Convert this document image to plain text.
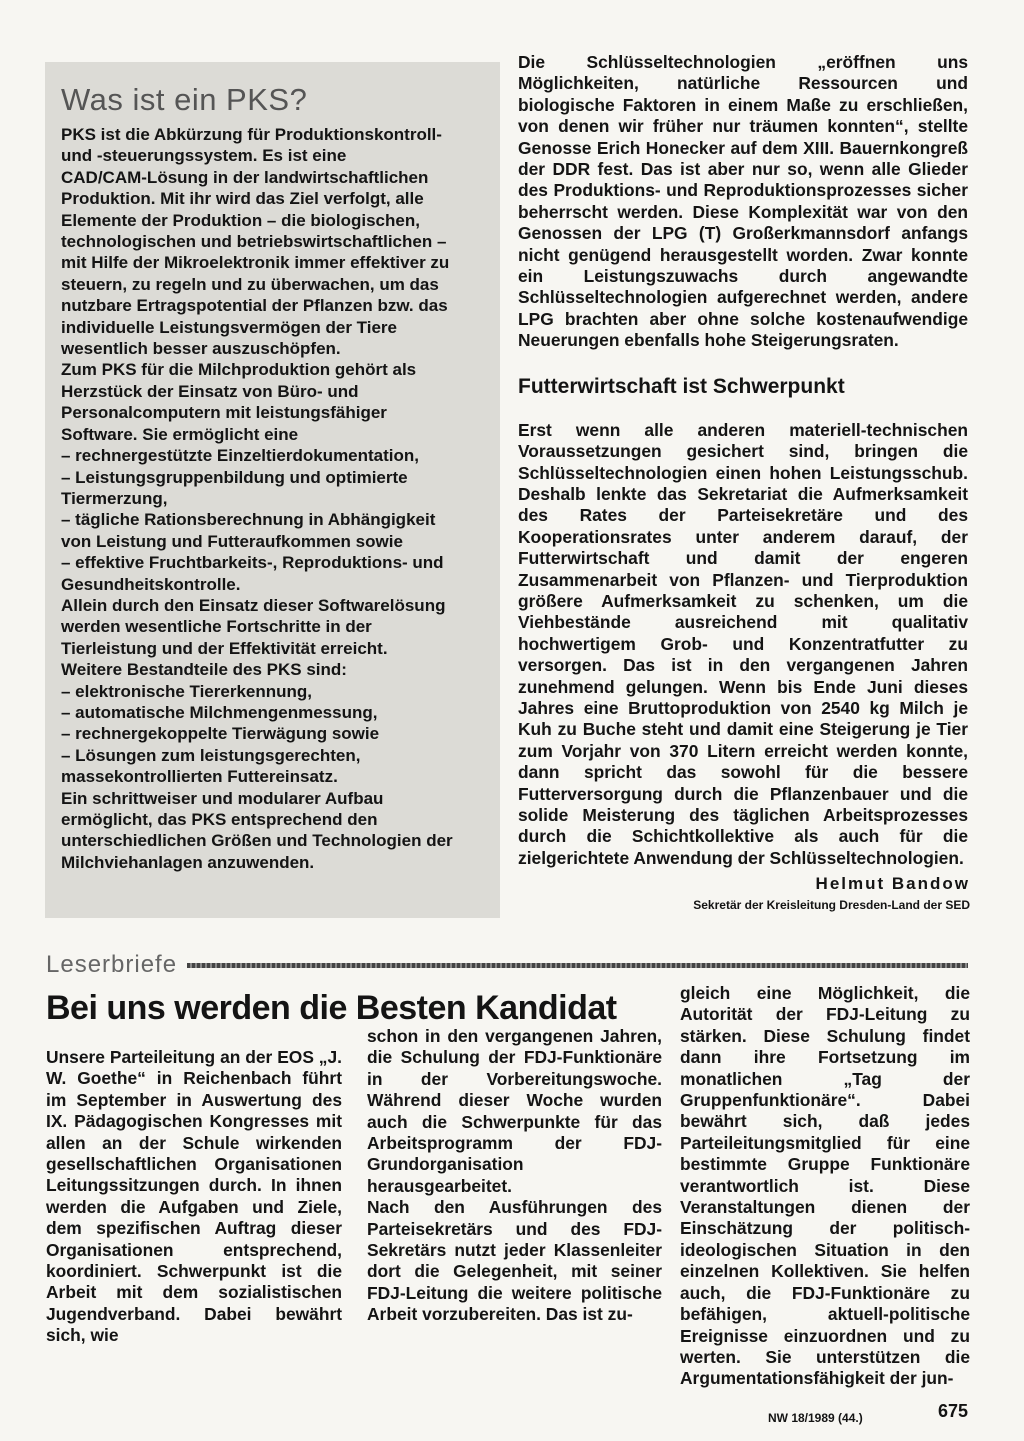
Was ist ein PKS?

PKS ist die Abkürzung für Produktionskontroll-

und -steuerungssystem. Es ist eine

CAD/CAM-Lösung in der landwirtschaftlichen

Produktion. Mit ihr wird das Ziel verfolgt, alle

Elemente der Produktion – die biologischen,

technologischen und betriebswirtschaftlichen –

mit Hilfe der Mikroelektronik immer effektiver zu

steuern, zu regeln und zu überwachen, um das

nutzbare Ertragspotential der Pflanzen bzw. das

individuelle Leistungsvermögen der Tiere

wesentlich besser auszuschöpfen.

Zum PKS für die Milchproduktion gehört als

Herzstück der Einsatz von Büro- und

Personalcomputern mit leistungsfähiger

Software. Sie ermöglicht eine

– rechnergestützte Einzeltierdokumentation,

– Leistungsgruppenbildung und optimierte

Tiermerzung,

– tägliche Rationsberechnung in Abhängigkeit

von Leistung und Futteraufkommen sowie

– effektive Fruchtbarkeits-, Reproduktions- und

Gesundheitskontrolle.

Allein durch den Einsatz dieser Softwarelösung

werden wesentliche Fortschritte in der

Tierleistung und der Effektivität erreicht.

Weitere Bestandteile des PKS sind:

– elektronische Tiererkennung,

– automatische Milchmengenmessung,

– rechnergekoppelte Tierwägung sowie

– Lösungen zum leistungsgerechten,

massekontrollierten Futtereinsatz.

Ein schrittweiser und modularer Aufbau

ermöglicht, das PKS entsprechend den

unterschiedlichen Größen und Technologien der

Milchviehanlagen anzuwenden.

Die Schlüsseltechnologien „eröffnen uns Möglichkeiten, natürliche Ressourcen und biologische Faktoren in einem Maße zu erschließen, von denen wir früher nur träumen konnten“, stellte Genosse Erich Honecker auf dem XIII. Bauernkongreß der DDR fest. Das ist aber nur so, wenn alle Glieder des Produktions- und Reproduktionsprozesses sicher beherrscht werden. Diese Komplexität war von den Genossen der LPG (T) Großerkmannsdorf anfangs nicht genügend herausgestellt worden. Zwar konnte ein Leistungszuwachs durch angewandte Schlüsseltechnologien aufgerechnet werden, andere LPG brachten aber ohne solche kostenaufwendige Neuerungen ebenfalls hohe Steigerungsraten.

Futterwirtschaft ist Schwerpunkt

Erst wenn alle anderen materiell-technischen Voraussetzungen gesichert sind, bringen die Schlüsseltechnologien einen hohen Leistungsschub. Deshalb lenkte das Sekretariat die Aufmerksamkeit des Rates der Parteisekretäre und des Kooperationsrates unter anderem darauf, der Futterwirtschaft und damit der engeren Zusammenarbeit von Pflanzen- und Tierproduktion größere Aufmerksamkeit zu schenken, um die Viehbestände ausreichend mit qualitativ hochwertigem Grob- und Konzentratfutter zu versorgen. Das ist in den vergangenen Jahren zunehmend gelungen. Wenn bis Ende Juni dieses Jahres eine Bruttoproduktion von 2540 kg Milch je Kuh zu Buche steht und damit eine Steigerung je Tier zum Vorjahr von 370 Litern erreicht werden konnte, dann spricht das sowohl für die bessere Futterversorgung durch die Pflanzenbauer und die solide Meisterung des täglichen Arbeitsprozesses durch die Schichtkollektive als auch für die zielgerichtete Anwendung der Schlüsseltechnologien.

Helmut Bandow
Sekretär der Kreisleitung Dresden-Land der SED
Leserbriefe
Bei uns werden die Besten Kandidat

Unsere Parteileitung an der EOS „J. W. Goethe“ in Reichenbach führt im September in Auswertung des IX. Pädagogischen Kongresses mit allen an der Schule wirkenden gesellschaftlichen Organisationen Leitungssitzungen durch. In ihnen werden die Aufgaben und Ziele, dem spezifischen Auftrag dieser Organisationen entsprechend, koordiniert. Schwerpunkt ist die Arbeit mit dem sozialistischen Jugendverband. Dabei bewährt sich, wie

schon in den vergangenen Jahren, die Schulung der FDJ-Funktionäre in der Vorbereitungswoche. Während dieser Woche wurden auch die Schwerpunkte für das Arbeitsprogramm der FDJ-Grundorganisation herausgearbeitet.

Nach den Ausführungen des Parteisekretärs und des FDJ-Sekretärs nutzt jeder Klassenleiter dort die Gelegenheit, mit seiner FDJ-Leitung die weitere politische Arbeit vorzubereiten. Das ist zu-

gleich eine Möglichkeit, die Autorität der FDJ-Leitung zu stärken. Diese Schulung findet dann ihre Fortsetzung im monatlichen „Tag der Gruppenfunktionäre“. Dabei bewährt sich, daß jedes Parteileitungsmitglied für eine bestimmte Gruppe Funktionäre verantwortlich ist. Diese Veranstaltungen dienen der Einschätzung der politisch-ideologischen Situation in den einzelnen Kollektiven. Sie helfen auch, die FDJ-Funktionäre zu befähigen, aktuell-politische Ereignisse einzuordnen und zu werten. Sie unterstützen die Argumentationsfähigkeit der jun-

NW 18/1989 (44.)	675
